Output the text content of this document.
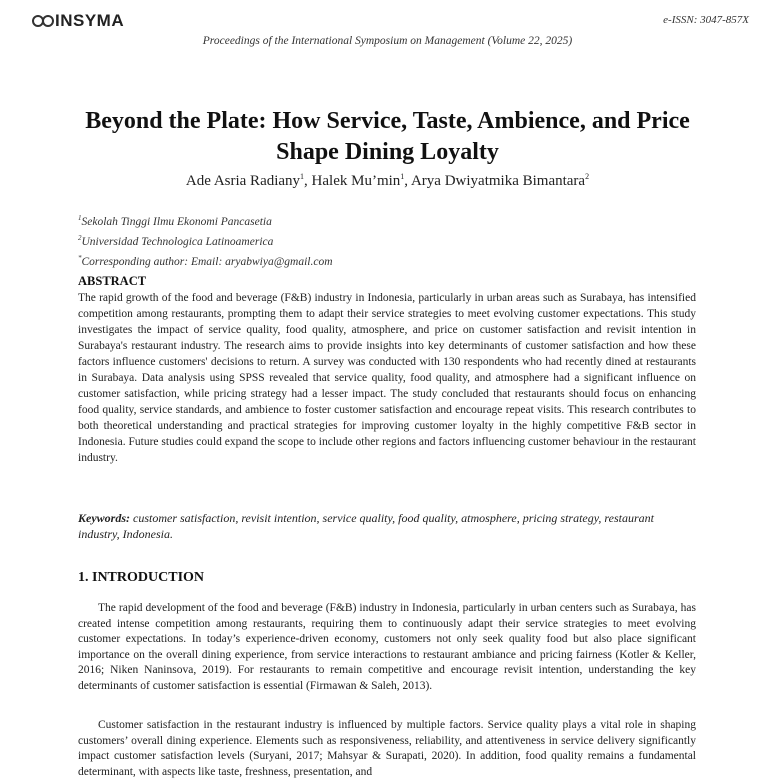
INSYMA	e-ISSN: 3047-857X
Proceedings of the International Symposium on Management (Volume 22, 2025)
Beyond the Plate: How Service, Taste, Ambience, and Price Shape Dining Loyalty
Ade Asria Radiany$^1$, Halek $Mu’\min^1$, Arya Dwiyatmika Bimantara$^2$
$^1$Sekolah Tinggi Ilmu Ekonomi Pancasetia
$^2$Universidad Technologica Latinoamerica
*Corresponding author: Email: aryabwiya@gmail.com
ABSTRACT

The rapid growth of the food and beverage (F&B) industry in Indonesia, particularly in urban areas such as Surabaya, has intensified competition among restaurants, prompting them to adapt their service strategies to meet evolving customer expectations. This study investigates the impact of service quality, food quality, atmosphere, and price on customer satisfaction and revisit intention in Surabaya's restaurant industry. The research aims to provide insights into key determinants of customer satisfaction and how these factors influence customers' decisions to return. A survey was conducted with 130 respondents who had recently dined at restaurants in Surabaya. Data analysis using SPSS revealed that service quality, food quality, and atmosphere had a significant influence on customer satisfaction, while pricing strategy had a lesser impact. The study concluded that restaurants should focus on enhancing food quality, service standards, and ambience to foster customer satisfaction and encourage repeat visits. This research contributes to both theoretical understanding and practical strategies for improving customer loyalty in the highly competitive F&B sector in Indonesia. Future studies could expand the scope to include other regions and factors influencing customer behaviour in the restaurant industry.

Keywords: customer satisfaction, revisit intention, service quality, food quality, atmosphere, pricing strategy, restaurant industry, Indonesia.

1. INTRODUCTION

The rapid development of the food and beverage (F&B) industry in Indonesia, particularly in urban centers such as Surabaya, has created intense competition among restaurants, requiring them to continuously adapt their service strategies to meet evolving customer expectations. In today’s experience-driven economy, customers not only seek quality food but also place significant importance on the overall dining experience, from service interactions to restaurant ambiance and pricing fairness (Kotler & Keller, 2016; Niken Naninsova, 2019). For restaurants to remain competitive and encourage revisit intention, understanding the key determinants of customer satisfaction is essential (Firmawan & Saleh, 2013).

Customer satisfaction in the restaurant industry is influenced by multiple factors. Service quality plays a vital role in shaping customers’ overall dining experience. Elements such as responsiveness, reliability, and attentiveness in service delivery significantly impact customer satisfaction levels (Suryani, 2017; Mahsyar & Surapati, 2020). In addition, food quality remains a fundamental determinant, with aspects like taste, freshness, presentation, and
